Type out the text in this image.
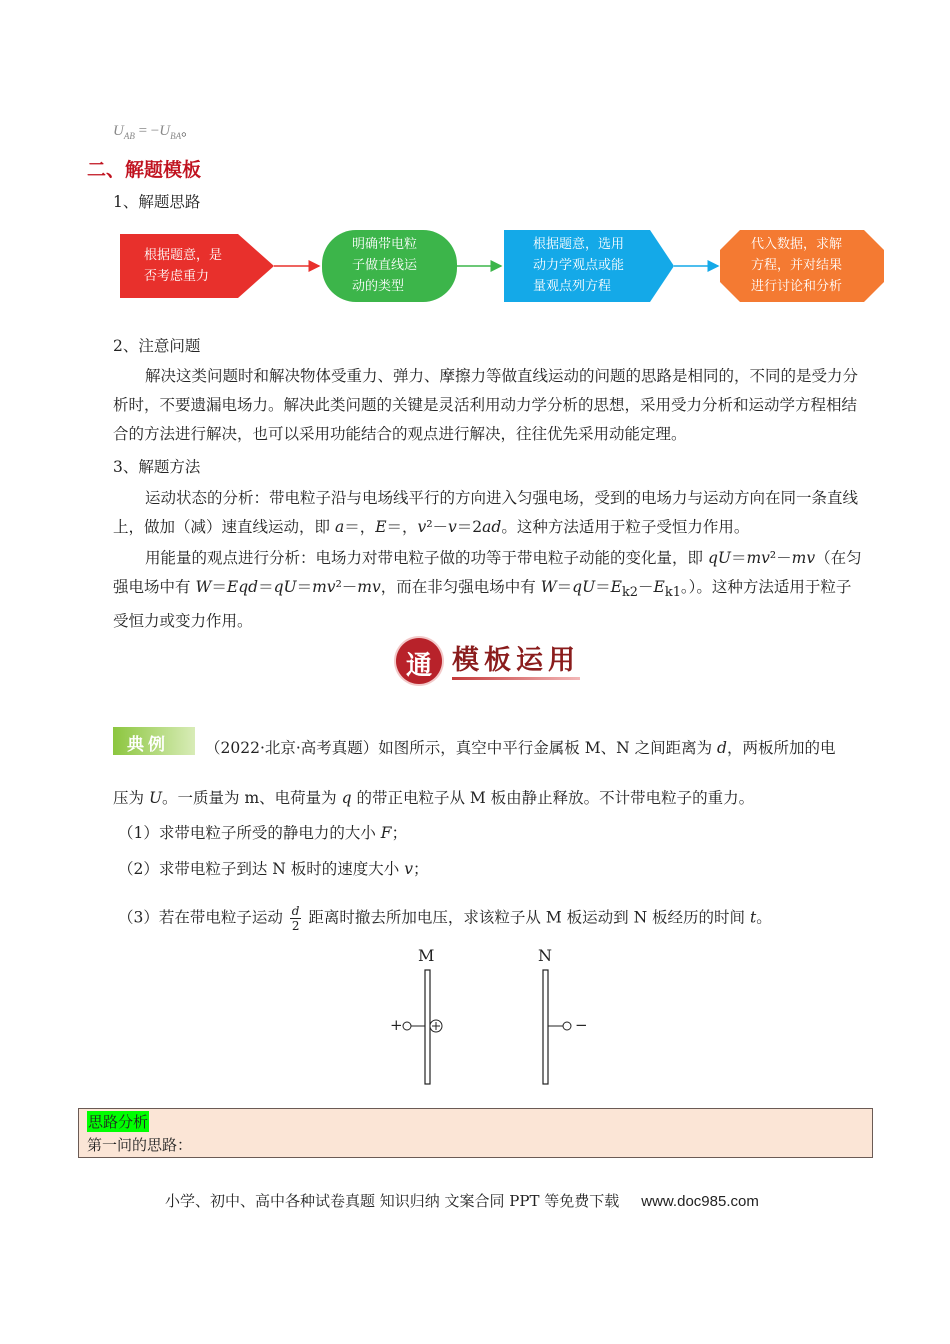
$U_{AB} = -U_{BA}$。
二、解题模板
1、解题思路
根据题意，是
否考虑重力
明确带电粒
子做直线运
动的类型
根据题意，选用
动力学观点或能
量观点列方程
代入数据，求解
方程，并对结果
进行讨论和分析
2、注意问题
解决这类问题时和解决物体受重力、弹力、摩擦力等做直线运动的问题的思路是相同的，不同的是受力分析时，不要遗漏电场力。解决此类问题的关键是灵活利用动力学分析的思想，采用受力分析和运动学方程相结合的方法进行解决，也可以采用功能结合的观点进行解决，往往优先采用动能定理。
3、解题方法
运动状态的分析：带电粒子沿与电场线平行的方向进入匀强电场，受到的电场力与运动方向在同一条直线上，做加（减）速直线运动，即 a＝，E＝，v²－v＝2ad。这种方法适用于粒子受恒力作用。
用能量的观点进行分析：电场力对带电粒子做的功等于带电粒子动能的变化量，即 qU＝mv²－mv（在匀强电场中有 W＝Eqd＝qU＝mv²－mv，而在非匀强电场中有 $W=qU=E_{k2}-E_{k1}$。）。这种方法适用于粒子受恒力或变力作用。
通 模板运用
典例 （2022·北京·高考真题）如图所示，真空中平行金属板 M、N 之间距离为 d，两板所加的电
压为 U。一质量为 m、电荷量为 q 的带正电粒子从 M 板由静止释放。不计带电粒子的重力。
（1）求带电粒子所受的静电力的大小 F；
（2）求带电粒子到达 N 板时的速度大小 v；
（3）若在带电粒子运动 $\frac{d}{2}$ 距离时撤去所加电压，求该粒子从 M 板运动到 N 板经历的时间 t。
M	N
+	−
思路分析
第一问的思路：
小学、初中、高中各种试卷真题 知识归纳 文案合同 PPT 等免费下载 www.doc985.com
